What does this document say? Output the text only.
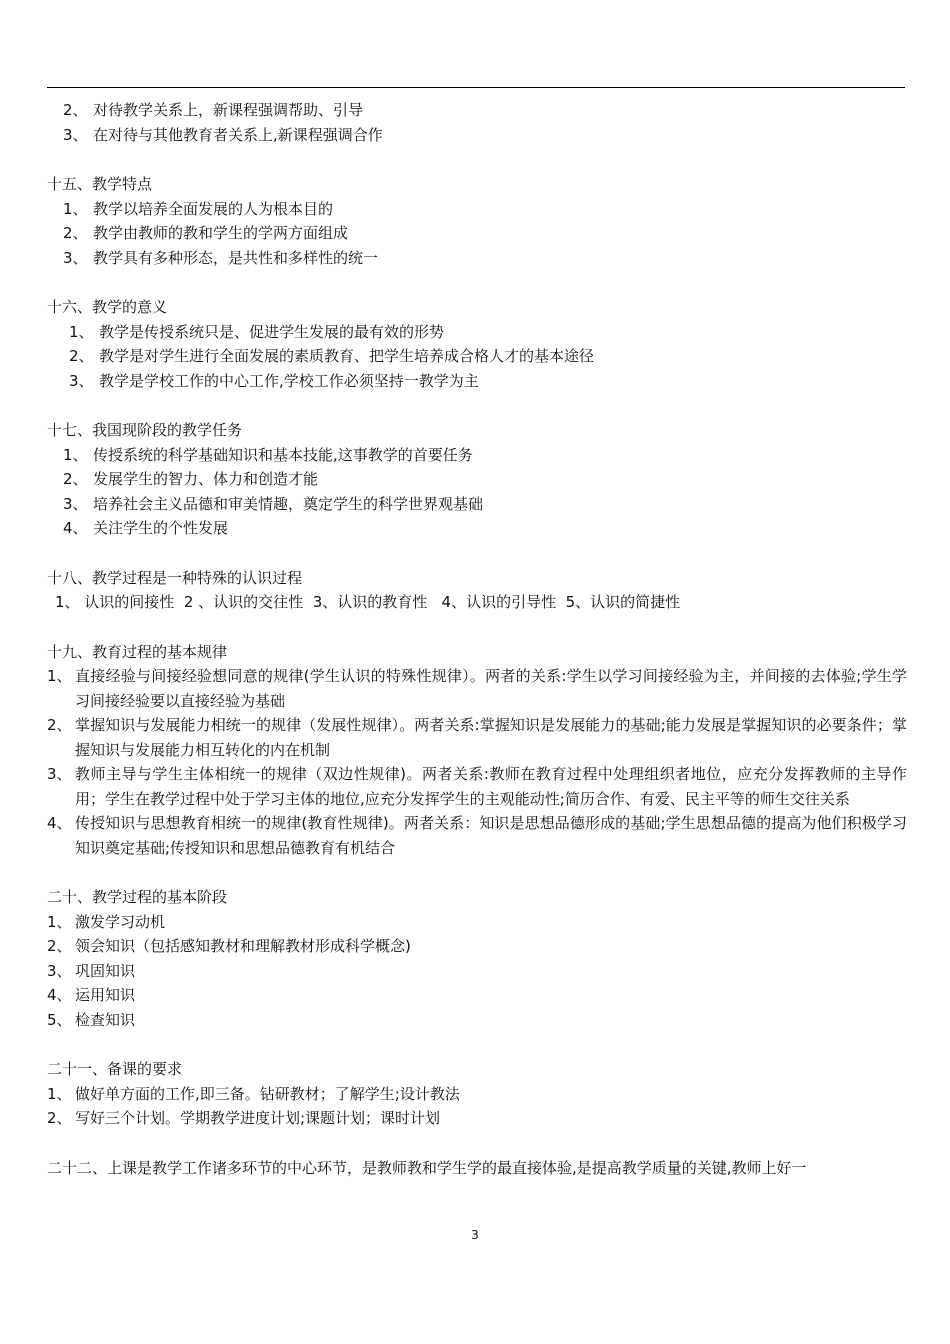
2、 对待教学关系上，新课程强调帮助、引导
3、 在对待与其他教育者关系上,新课程强调合作
十五、教学特点
1、 教学以培养全面发展的人为根本目的
2、 教学由教师的教和学生的学两方面组成
3、 教学具有多种形态，是共性和多样性的统一
十六、教学的意义
1、 教学是传授系统只是、促进学生发展的最有效的形势
2、 教学是对学生进行全面发展的素质教育、把学生培养成合格人才的基本途径
3、 教学是学校工作的中心工作,学校工作必须坚持一教学为主
十七、我国现阶段的教学任务
1、 传授系统的科学基础知识和基本技能,这事教学的首要任务
2、 发展学生的智力、体力和创造才能
3、 培养社会主义品德和审美情趣，奠定学生的科学世界观基础
4、 关注学生的个性发展
十八、教学过程是一种特殊的认识过程
1、 认识的间接性  2 、认识的交往性  3、认识的教育性   4、认识的引导性  5、认识的简捷性
十九、教育过程的基本规律
1、 直接经验与间接经验想同意的规律(学生认识的特殊性规律）。两者的关系:学生以学习间接经验为主，并间接的去体验;学生学习间接经验要以直接经验为基础
2、 掌握知识与发展能力相统一的规律（发展性规律）。两者关系:掌握知识是发展能力的基础;能力发展是掌握知识的必要条件；掌握知识与发展能力相互转化的内在机制
3、 教师主导与学生主体相统一的规律（双边性规律)。两者关系:教师在教育过程中处理组织者地位，应充分发挥教师的主导作用；学生在教学过程中处于学习主体的地位,应充分发挥学生的主观能动性;简历合作、有爱、民主平等的师生交往关系
4、 传授知识与思想教育相统一的规律(教育性规律)。两者关系：知识是思想品德形成的基础;学生思想品德的提高为他们积极学习知识奠定基础;传授知识和思想品德教育有机结合
二十、教学过程的基本阶段
1、 激发学习动机
2、 领会知识（包括感知教材和理解教材形成科学概念)
3、 巩固知识
4、 运用知识
5、 检查知识
二十一、备课的要求
1、 做好单方面的工作,即三备。钻研教材；了解学生;设计教法
2、 写好三个计划。学期教学进度计划;课题计划；课时计划
二十二、上课是教学工作诸多环节的中心环节，是教师教和学生学的最直接体验,是提高教学质量的关键,教师上好一
3
